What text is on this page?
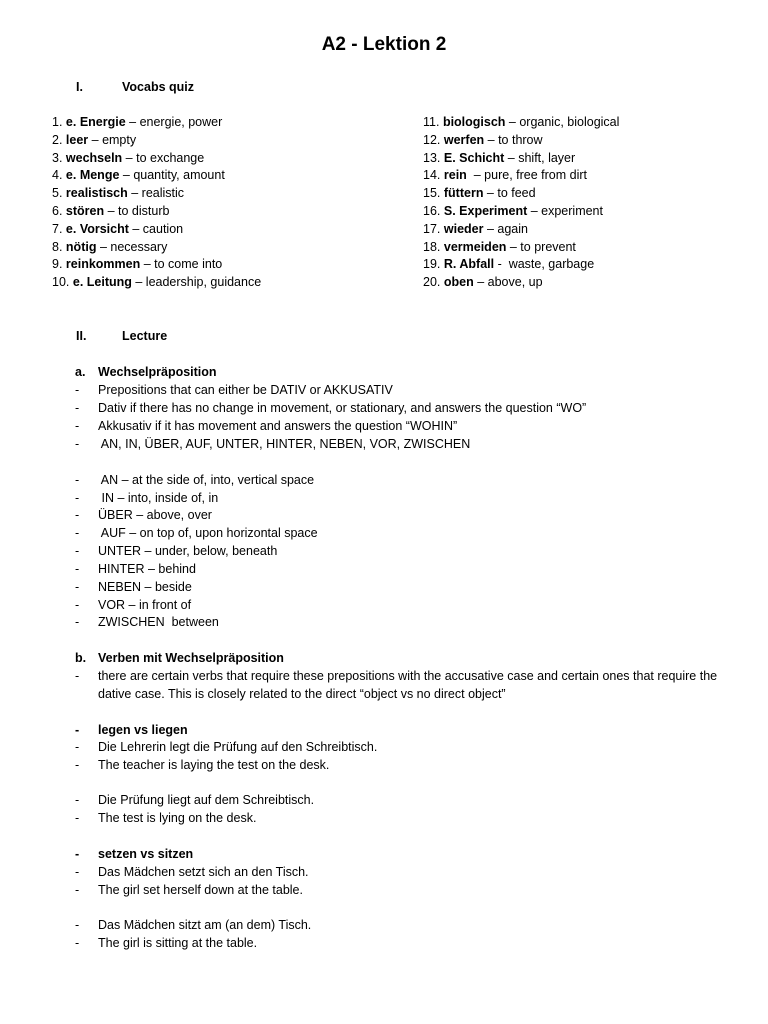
A2 - Lektion 2
I.	Vocabs quiz
1. e. Energie – energie, power
2. leer – empty
3. wechseln – to exchange
4. e. Menge – quantity, amount
5. realistisch – realistic
6. stören – to disturb
7. e. Vorsicht – caution
8. nötig – necessary
9. reinkommen – to come into
10. e. Leitung – leadership, guidance
11. biologisch – organic, biological
12. werfen – to throw
13. E. Schicht – shift, layer
14. rein  – pure, free from dirt
15. füttern – to feed
16. S. Experiment – experiment
17. wieder – again
18. vermeiden – to prevent
19. R. Abfall -  waste, garbage
20. oben – above, up
II.	Lecture
a.	Wechselpräposition
-	Prepositions that can either be DATIV or AKKUSATIV
-	Dativ if there has no change in movement, or stationary, and answers the question “WO”
-	Akkusativ if it has movement and answers the question “WOHIN”
-	AN, IN, ÜBER, AUF, UNTER, HINTER, NEBEN, VOR, ZWISCHEN
-	AN – at the side of, into, vertical space
-	IN – into, inside of, in
-	ÜBER – above, over
-	AUF – on top of, upon horizontal space
-	UNTER – under, below, beneath
-	HINTER – behind
-	NEBEN – beside
-	VOR – in front of
-	ZWISCHEN  between
b. Verben mit Wechselpräposition
-	there are certain verbs that require these prepositions with the accusative case and certain ones that require the dative case. This is closely related to the direct “object vs no direct object”
-	legen vs liegen
-	Die Lehrerin legt die Prüfung auf den Schreibtisch.
-	The teacher is laying the test on the desk.
-	Die Prüfung liegt auf dem Schreibtisch.
-	The test is lying on the desk.
-	setzen vs sitzen
-	Das Mädchen setzt sich an den Tisch.
-	The girl set herself down at the table.
-	Das Mädchen sitzt am (an dem) Tisch.
-	The girl is sitting at the table.
